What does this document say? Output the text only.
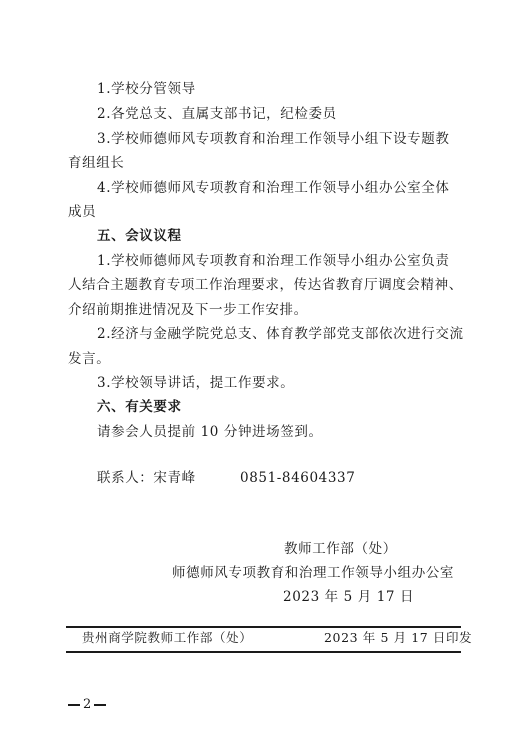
1.学校分管领导
2.各党总支、直属支部书记，纪检委员
3.学校师德师风专项教育和治理工作领导小组下设专题教
育组组长
4.学校师德师风专项教育和治理工作领导小组办公室全体
成员
五、会议议程
1.学校师德师风专项教育和治理工作领导小组办公室负责
人结合主题教育专项工作治理要求，传达省教育厅调度会精神、
介绍前期推进情况及下一步工作安排。
2.经济与金融学院党总支、体育教学部党支部依次进行交流
发言。
3.学校领导讲话，提工作要求。
六、有关要求
请参会人员提前 10 分钟进场签到。
联系人：宋青峰	0851-84604337
教师工作部（处）
师德师风专项教育和治理工作领导小组办公室
2023 年 5 月 17 日
贵州商学院教师工作部（处）	2023 年 5 月 17 日印发
2
